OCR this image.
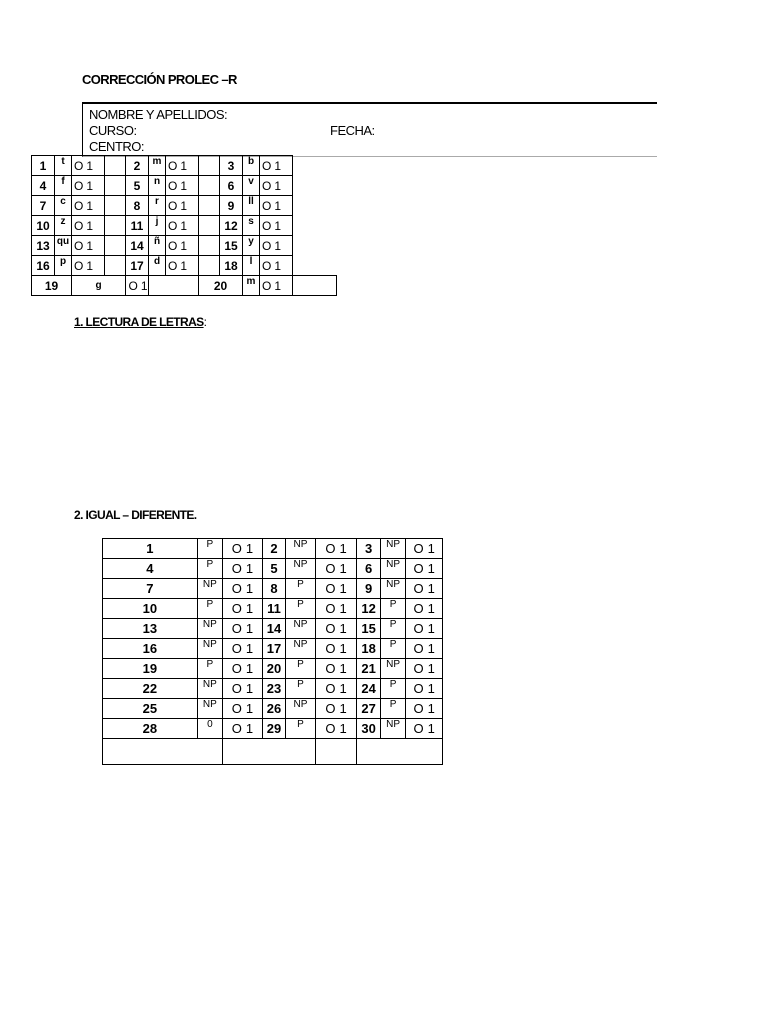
CORRECCIÓN PROLEC –R
NOMBRE Y APELLIDOS:
CURSO:	FECHA:
CENTRO:
1	t	O 1		2	m	O 1		3	b	O 1	
4	f	O 1		5	n	O 1		6	v	O 1	
7	c	O 1		8	r	O 1		9	ll	O 1	
10	z	O 1		11	j	O 1		12	s	O 1	
13	qu	O 1		14	ñ	O 1		15	y	O 1	
16	p	O 1		17	d	O 1		18	l	O 1	
19		g		O 1			20		m	O 1	
1. LECTURA DE LETRAS:
2. IGUAL – DIFERENTE.
1	P	O 1	2	NP	O 1	3	NP	O 1
4	P	O 1	5	NP	O 1	6	NP	O 1
7	NP	O 1	8	P	O 1	9	NP	O 1
10	P	O 1	11	P	O 1	12	P	O 1
13	NP	O 1	14	NP	O 1	15	P	O 1
16	NP	O 1	17	NP	O 1	18	P	O 1
19	P	O 1	20	P	O 1	21	NP	O 1
22	NP	O 1	23	P	O 1	24	P	O 1
25	NP	O 1	26	NP	O 1	27	P	O 1
28	0	O 1	29	P	O 1	30	NP	O 1
